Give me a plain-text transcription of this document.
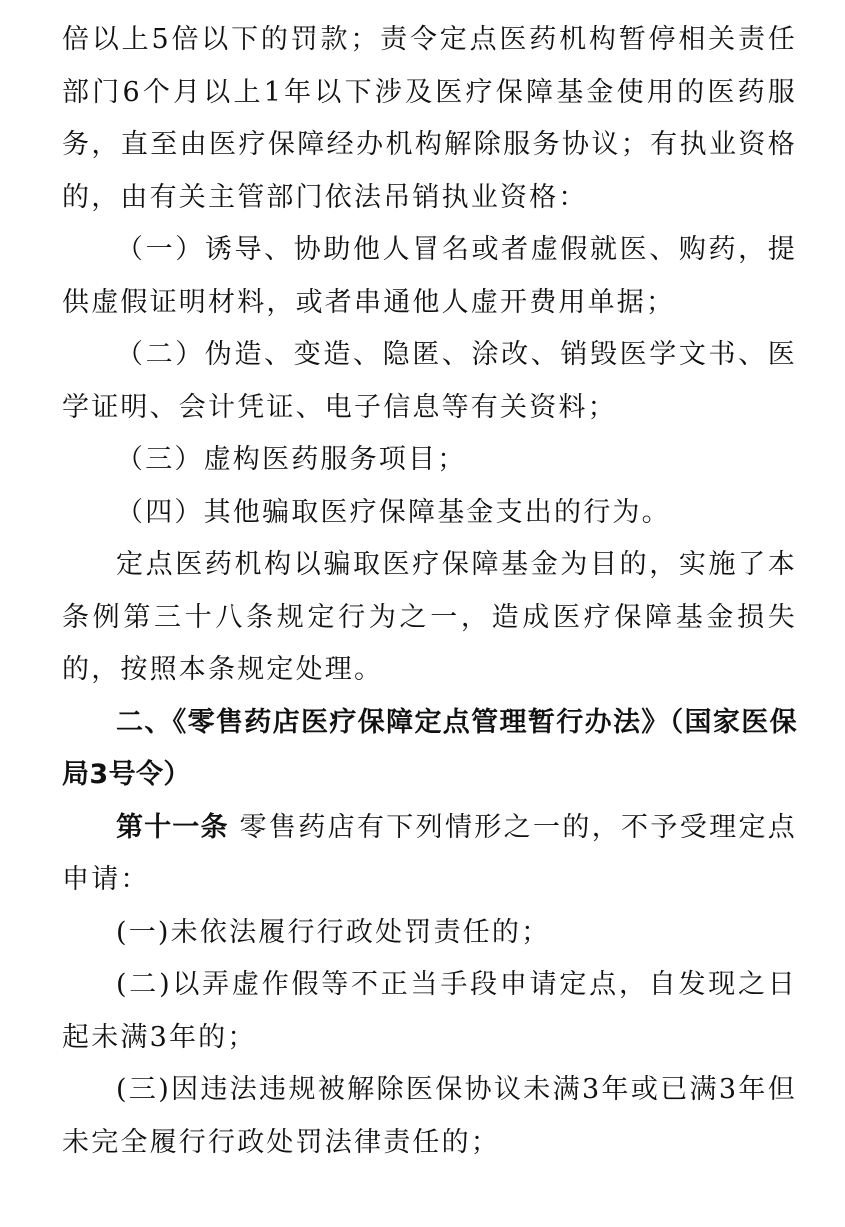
倍以上5倍以下的罚款；责令定点医药机构暂停相关责任部门6个月以上1年以下涉及医疗保障基金使用的医药服务，直至由医疗保障经办机构解除服务协议；有执业资格的，由有关主管部门依法吊销执业资格：

（一）诱导、协助他人冒名或者虚假就医、购药，提供虚假证明材料，或者串通他人虚开费用单据；

（二）伪造、变造、隐匿、涂改、销毁医学文书、医学证明、会计凭证、电子信息等有关资料；

（三）虚构医药服务项目；

（四）其他骗取医疗保障基金支出的行为。

定点医药机构以骗取医疗保障基金为目的，实施了本条例第三十八条规定行为之一，造成医疗保障基金损失的，按照本条规定处理。

二、《零售药店医疗保障定点管理暂行办法》（国家医保局3号令）

第十一条 零售药店有下列情形之一的，不予受理定点申请：

(一)未依法履行行政处罚责任的；

(二)以弄虚作假等不正当手段申请定点，自发现之日起未满3年的；

(三)因违法违规被解除医保协议未满3年或已满3年但未完全履行行政处罚法律责任的；
